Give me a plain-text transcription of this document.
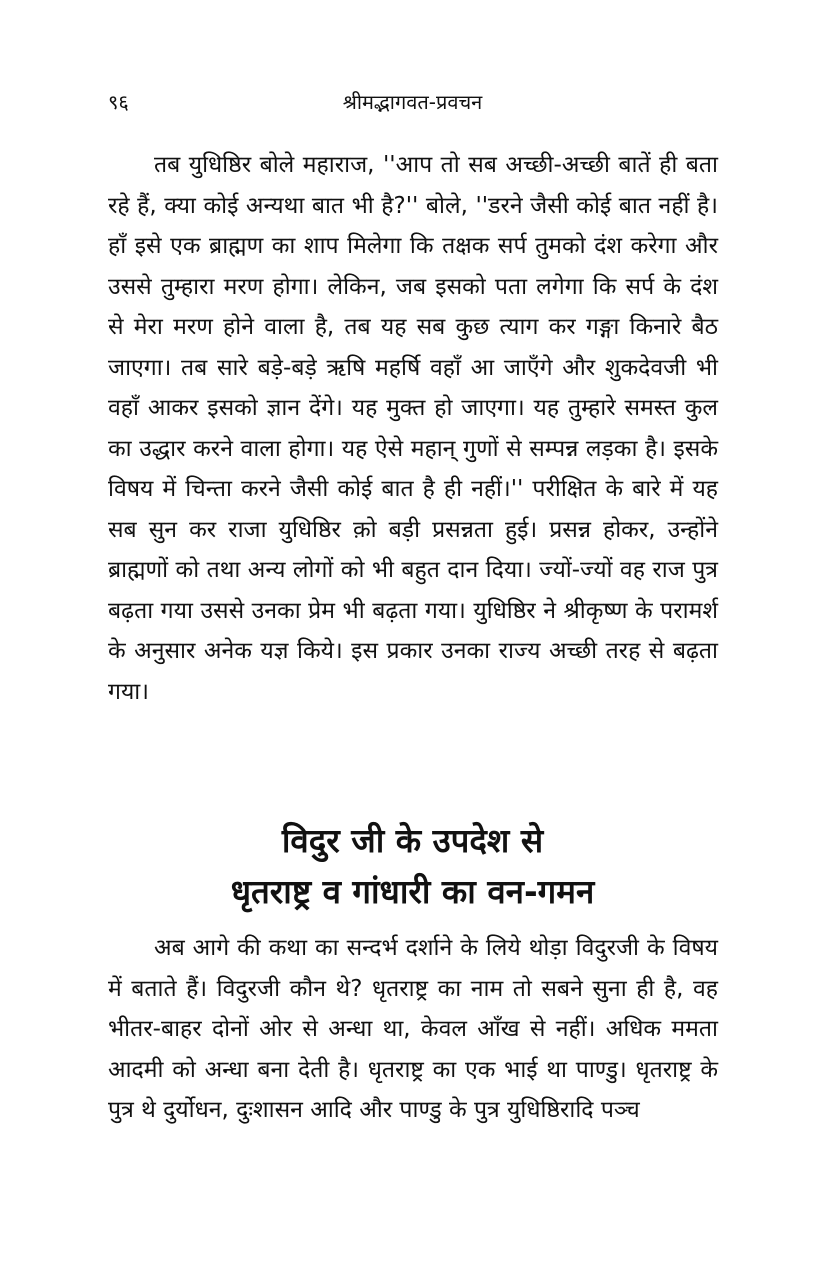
९६	श्रीमद्भागवत-प्रवचन

तब युधिष्ठिर बोले महाराज, ''आप तो सब अच्छी-अच्छी बातें ही बता रहे हैं, क्या कोई अन्यथा बात भी है?'' बोले, ''डरने जैसी कोई बात नहीं है। हाँ इसे एक ब्राह्मण का शाप मिलेगा कि तक्षक सर्प तुमको दंश करेगा और उससे तुम्हारा मरण होगा। लेकिन, जब इसको पता लगेगा कि सर्प के दंश से मेरा मरण होने वाला है, तब यह सब कुछ त्याग कर गङ्गा किनारे बैठ जाएगा। तब सारे बड़े-बड़े ऋषि महर्षि वहाँ आ जाएँगे और शुकदेवजी भी वहाँ आकर इसको ज्ञान देंगे। यह मुक्त हो जाएगा। यह तुम्हारे समस्त कुल का उद्धार करने वाला होगा। यह ऐसे महान् गुणों से सम्पन्न लड़का है। इसके विषय में चिन्ता करने जैसी कोई बात है ही नहीं।'' परीक्षित के बारे में यह सब सुन कर राजा युधिष्ठिर क़ो बड़ी प्रसन्नता हुई। प्रसन्न होकर, उन्होंने ब्राह्मणों को तथा अन्य लोगों को भी बहुत दान दिया। ज्यों-ज्यों वह राज पुत्र बढ़ता गया उससे उनका प्रेम भी बढ़ता गया। युधिष्ठिर ने श्रीकृष्ण के परामर्श के अनुसार अनेक यज्ञ किये। इस प्रकार उनका राज्य अच्छी तरह से बढ़ता गया।

विदुर जी के उपदेश से
धृतराष्ट्र व गांधारी का वन-गमन

अब आगे की कथा का सन्दर्भ दर्शाने के लिये थोड़ा विदुरजी के विषय में बताते हैं। विदुरजी कौन थे? धृतराष्ट्र का नाम तो सबने सुना ही है, वह भीतर-बाहर दोनों ओर से अन्धा था, केवल आँख से नहीं। अधिक ममता आदमी को अन्धा बना देती है। धृतराष्ट्र का एक भाई था पाण्डु। धृतराष्ट्र के पुत्र थे दुर्योधन, दुःशासन आदि और पाण्डु के पुत्र युधिष्ठिरादि पञ्च
